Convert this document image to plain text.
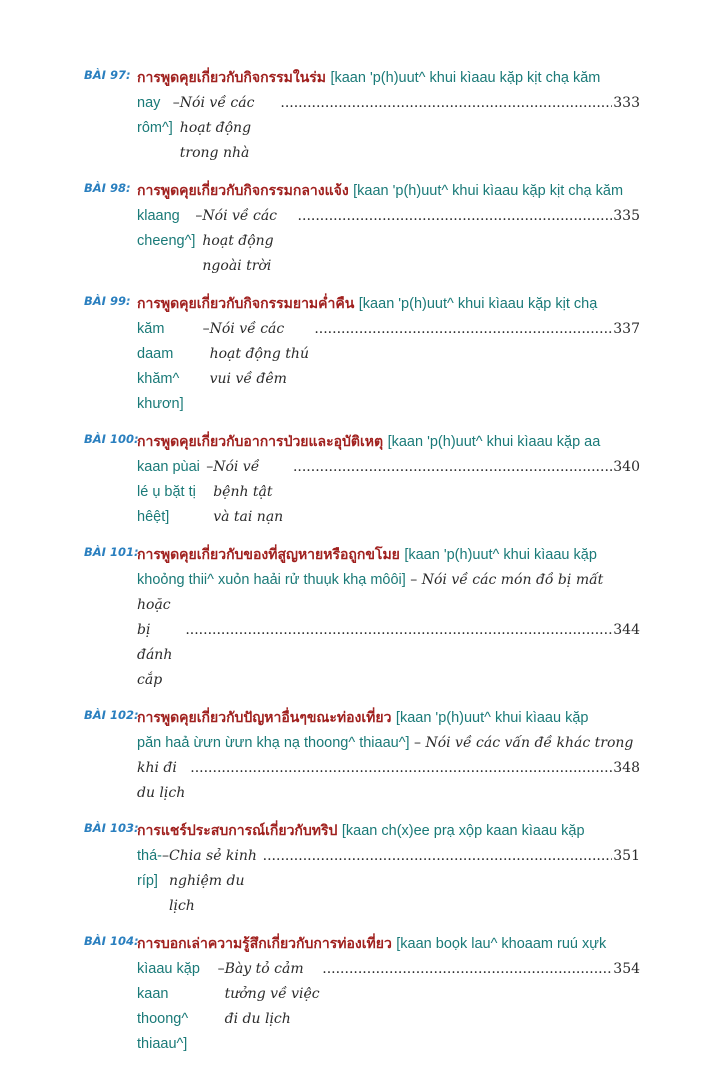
BÀI 97: การพูดคุยเกี่ยวกับกิจกรรมในร่ม [kaan 'p(h)uut^ khui kìaau kặp kịt chạ kăm
nay rôm^]
– Nói về các hoạt động trong nhà
.....
333
BÀI 98: การพูดคุยเกี่ยวกับกิจกรรมกลางแจ้ง [kaan 'p(h)uut^ khui kìaau kặp kịt chạ kăm
klaang cheeng^]
– Nói về các hoạt động ngoài trời
.....
335
BÀI 99: การพูดคุยเกี่ยวกับกิจกรรมยามค่ำคืน [kaan 'p(h)uut^ khui kìaau kặp kịt chạ
kăm daam khăm^ khươn]
– Nói về các hoạt động thú vui về đêm
.....
337
BÀI 100:
การพูดคุยเกี่ยวกับอาการป่วยและอุบัติเหตุ [kaan 'p(h)uut^ khui kìaau kặp aa
kaan pùai lé ụ bặt tị hêệt]
– Nói về bệnh tật và tai nạn
.....
340
BÀI 101:
การพูดคุยเกี่ยวกับของที่สูญหายหรือถูกขโมย [kaan 'p(h)uut^ khui kìaau kặp
khoỏng thii^ xuỏn haải rử thuụk khạ môôi] – Nói về các món đồ bị mất hoặc
bị đánh cắp
.....
344
BÀI 102:
การพูดคุยเกี่ยวกับปัญหาอื่นๆขณะท่องเที่ยว [kaan 'p(h)uut^ khui kìaau kặp
păn haả ừưn ừưn khạ nạ thoong^ thiaau^] – Nói về các vấn đề khác trong
khi đi du lịch
.....
348
BÀI 103:
การแชร์ประสบการณ์เกี่ยวกับทริป [kaan ch(x)ee prạ xộp kaan kìaau kặp
thá-ríp]
– Chia sẻ kinh nghiệm du lịch
.....
351
BÀI 104:
การบอกเล่าความรู้สึกเกี่ยวกับการท่องเที่ยว [kaan boọk lau^ khoaam ruú xựk
kìaau kặp kaan thoong^ thiaau^]
– Bày tỏ cảm tưởng về việc đi du lịch
.....
354
